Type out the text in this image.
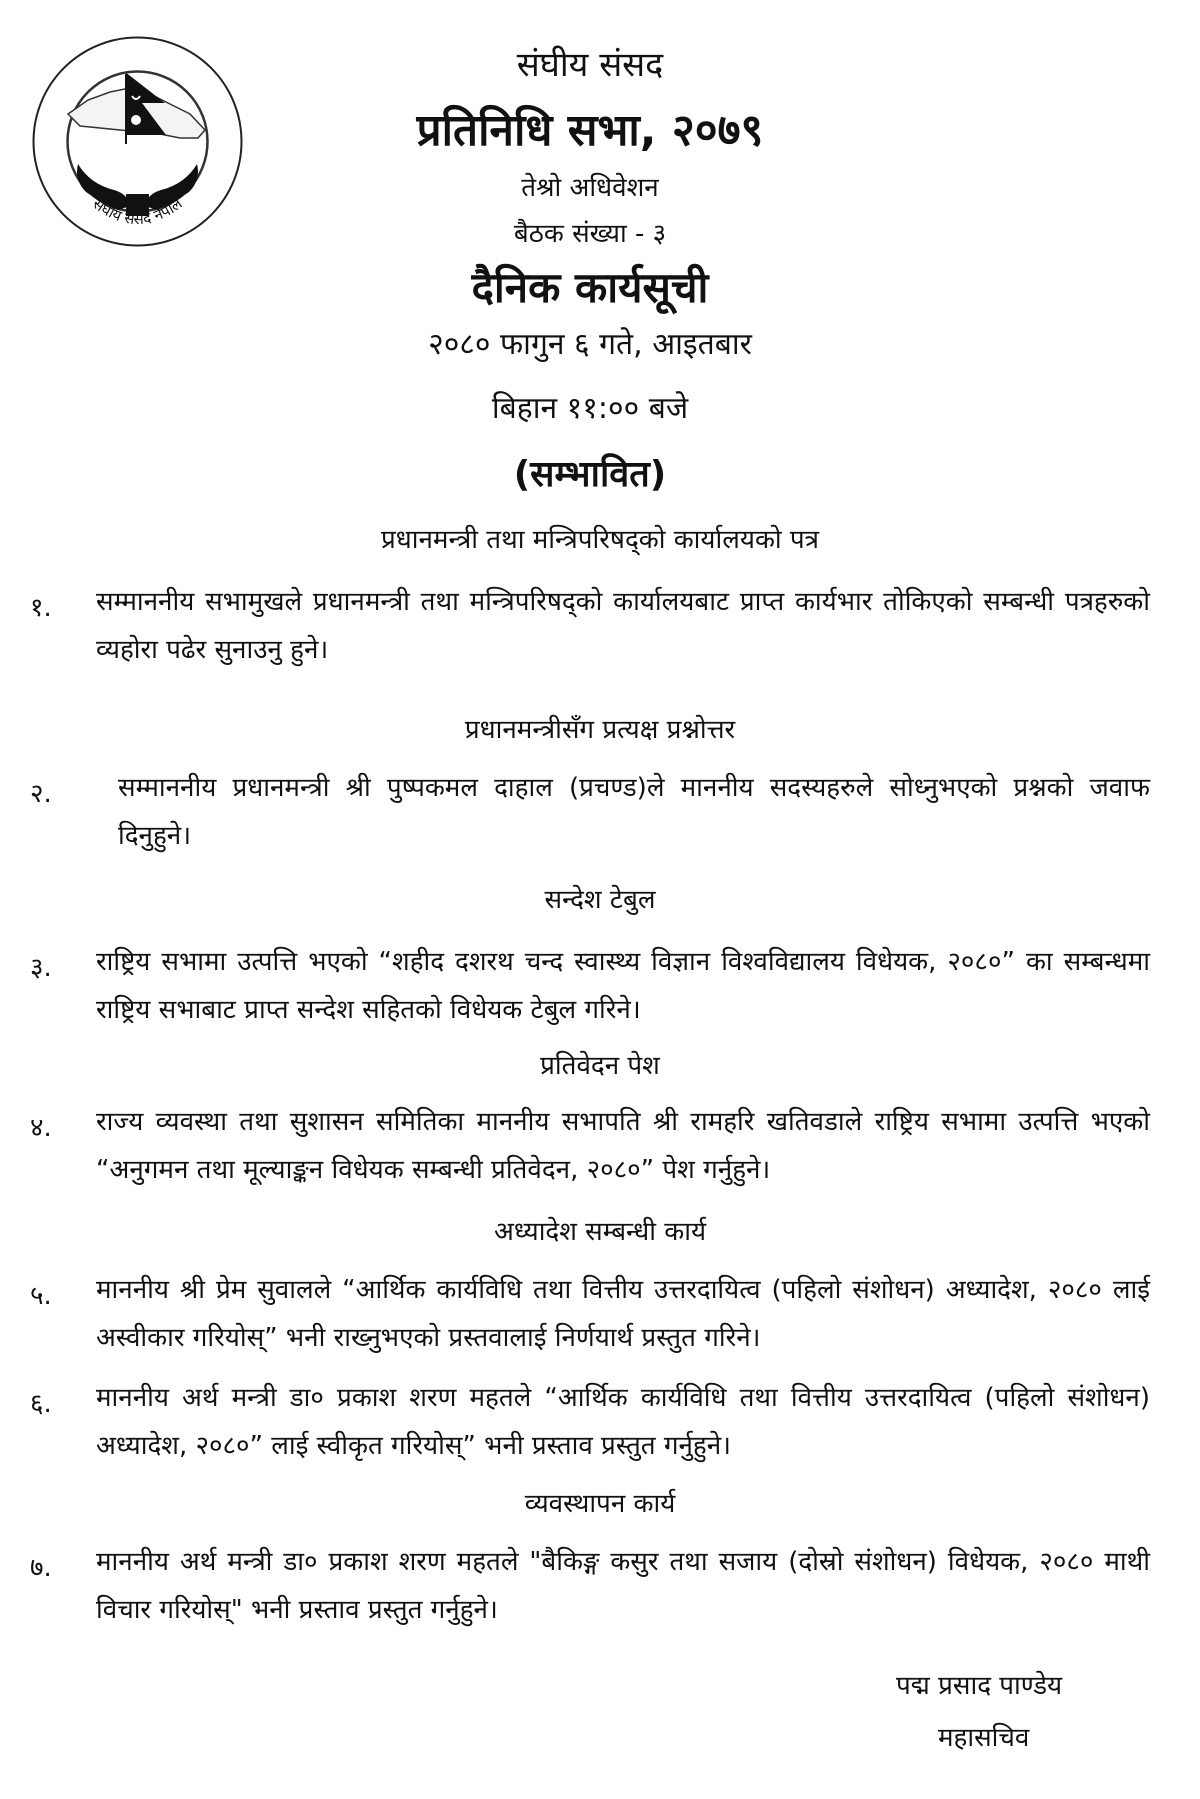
संघीय संसद नेपाल
संघीय संसद
प्रतिनिधि सभा, २०७९
तेश्रो अधिवेशन
बैठक संख्या - ३
दैनिक कार्यसूची
२०८० फागुन ६ गते, आइतबार
बिहान ११:०० बजे
(सम्भावित)
प्रधानमन्त्री तथा मन्त्रिपरिषद्को कार्यालयको पत्र
१. सम्माननीय सभामुखले प्रधानमन्त्री तथा मन्त्रिपरिषद्को कार्यालयबाट प्राप्त कार्यभार तोकिएको सम्बन्धी पत्रहरुको व्यहोरा पढेर सुनाउनु हुने।
प्रधानमन्त्रीसँग प्रत्यक्ष प्रश्नोत्तर
२.	सम्माननीय प्रधानमन्त्री श्री पुष्पकमल दाहाल (प्रचण्ड)ले माननीय सदस्यहरुले सोध्नुभएको प्रश्नको जवाफ दिनुहुने।
सन्देश टेबुल
३. राष्ट्रिय सभामा उत्पत्ति भएको “शहीद दशरथ चन्द स्वास्थ्य विज्ञान विश्वविद्यालय विधेयक, २०८०” का सम्बन्धमा राष्ट्रिय सभाबाट प्राप्त सन्देश सहितको विधेयक टेबुल गरिने।
प्रतिवेदन पेश
४. राज्य व्यवस्था तथा सुशासन समितिका माननीय सभापति श्री रामहरि खतिवडाले राष्ट्रिय सभामा उत्पत्ति भएको “अनुगमन तथा मूल्याङ्कन विधेयक सम्बन्धी प्रतिवेदन, २०८०” पेश गर्नुहुने।
अध्यादेश सम्बन्धी कार्य
५. माननीय श्री प्रेम सुवालले “आर्थिक कार्यविधि तथा वित्तीय उत्तरदायित्व (पहिलो संशोधन) अध्यादेश, २०८० लाई अस्वीकार गरियोस्” भनी राख्नुभएको प्रस्तवालाई निर्णयार्थ प्रस्तुत गरिने।
६. माननीय अर्थ मन्त्री डा० प्रकाश शरण महतले “आर्थिक कार्यविधि तथा वित्तीय उत्तरदायित्व (पहिलो संशोधन) अध्यादेश, २०८०” लाई स्वीकृत गरियोस्” भनी प्रस्ताव प्रस्तुत गर्नुहुने।
व्यवस्थापन कार्य
७. माननीय अर्थ मन्त्री डा० प्रकाश शरण महतले "बैकिङ्ग कसुर तथा सजाय (दोस्रो संशोधन) विधेयक, २०८० माथी विचार गरियोस्" भनी प्रस्ताव प्रस्तुत गर्नुहुने।
पद्म प्रसाद पाण्डेय
महासचिव
